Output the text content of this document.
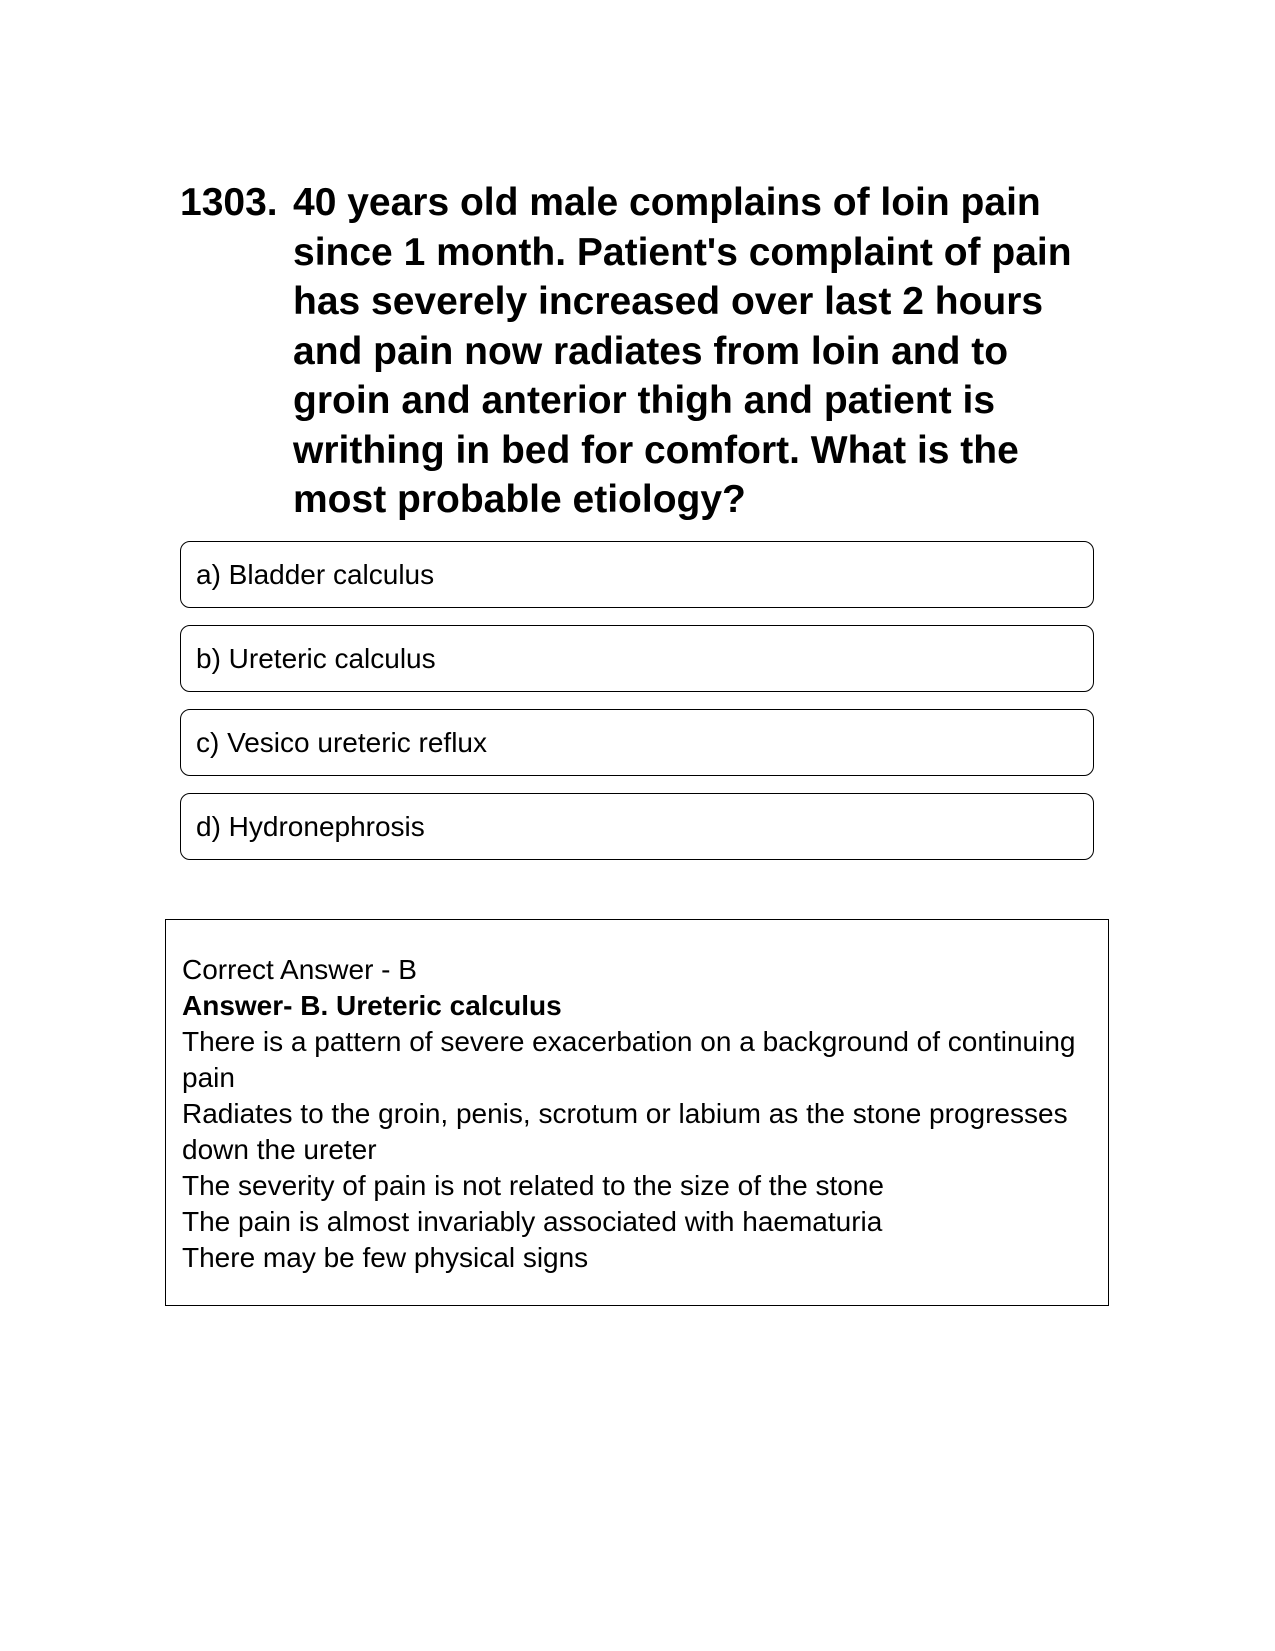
1303. 40 years old male complains of loin pain since 1 month. Patient's complaint of pain has severely increased over last 2 hours and pain now radiates from loin and to groin and anterior thigh and patient is writhing in bed for comfort. What is the most probable etiology?
a) Bladder calculus
b) Ureteric calculus
c) Vesico ureteric reflux
d) Hydronephrosis
Correct Answer - B
Answer- B. Ureteric calculus
There is a pattern of severe exacerbation on a background of continuing pain
Radiates to the groin, penis, scrotum or labium as the stone progresses down the ureter
The severity of pain is not related to the size of the stone
The pain is almost invariably associated with haematuria
There may be few physical signs
